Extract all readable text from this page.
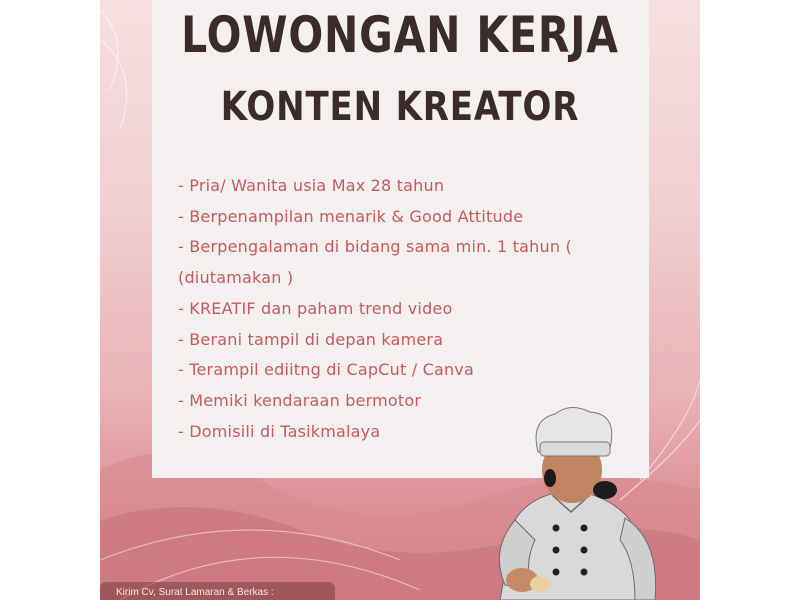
LOWONGAN KERJA
KONTEN KREATOR
- Pria/ Wanita usia Max 28 tahun
- Berpenampilan menarik & Good Attitude
- Berpengalaman di bidang sama min. 1 tahun (
(diutamakan )
- KREATIF dan paham trend video
- Berani tampil di depan kamera
- Terampil ediitng di CapCut / Canva
- Memiki kendaraan bermotor
- Domisili di Tasikmalaya
Kirim Cv, Surat Lamaran & Berkas :
